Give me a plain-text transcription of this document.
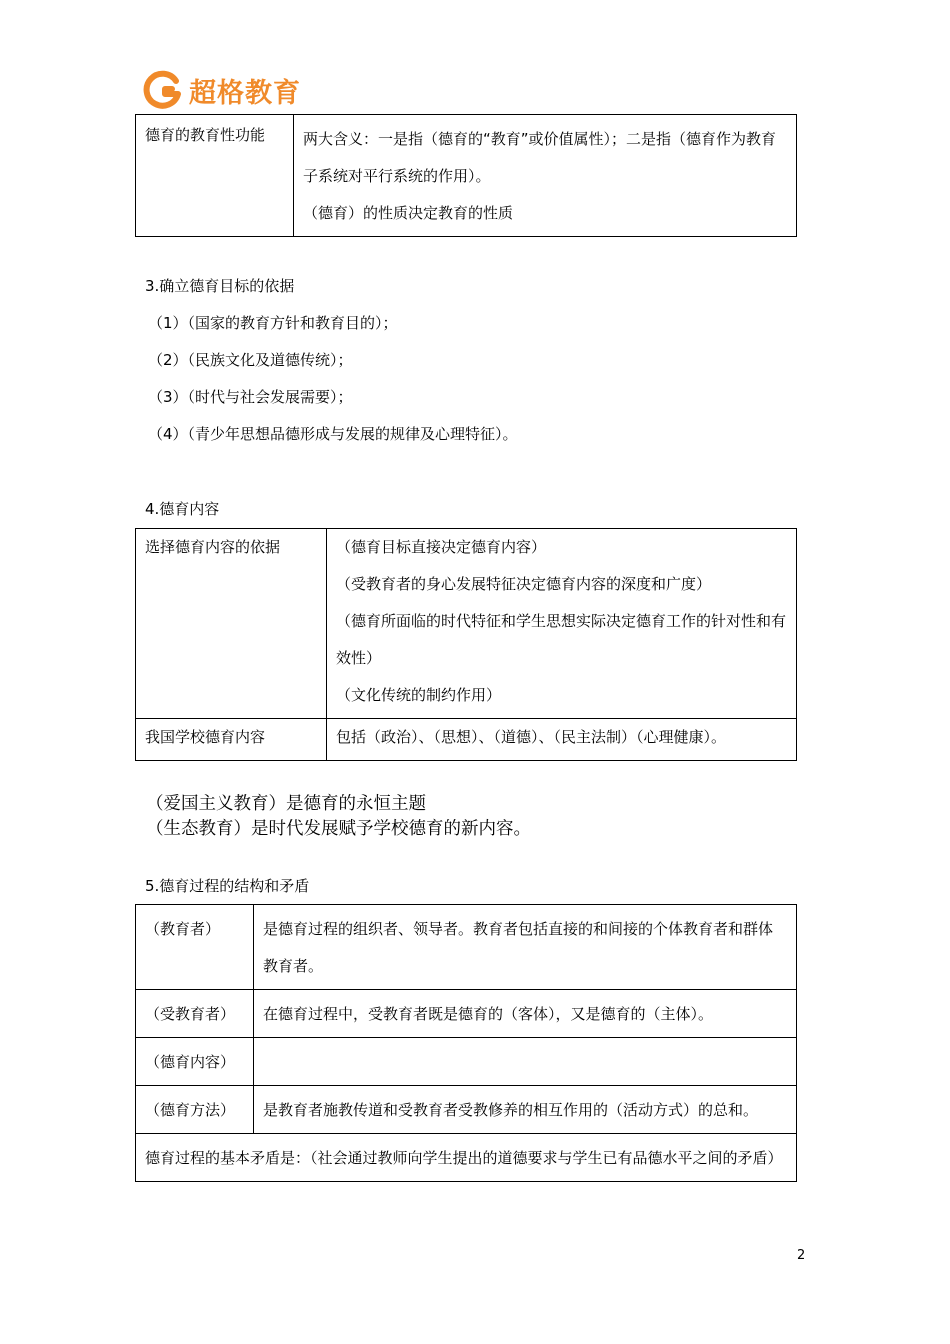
超格教育
德育的教育性功能	两大含义：一是指（德育的“教育”或价值属性）；二是指（德育作为教育子系统对平行系统的作用）。

（德育）的性质决定教育的性质

3.确立德育目标的依据

（1）（国家的教育方针和教育目的）；

（2）（民族文化及道德传统）；

（3）（时代与社会发展需要）；

（4）（青少年思想品德形成与发展的规律及心理特征）。

4.德育内容
选择德育内容的依据	（德育目标直接决定德育内容）

（受教育者的身心发展特征决定德育内容的深度和广度）

（德育所面临的时代特征和学生思想实际决定德育工作的针对性和有效性）

（文化传统的制约作用）

我国学校德育内容	包括（政治）、（思想）、（道德）、（民主法制）（心理健康）。

（爱国主义教育）是德育的永恒主题
（生态教育）是时代发展赋予学校德育的新内容。
5.德育过程的结构和矛盾
（教育者）	是德育过程的组织者、领导者。教育者包括直接的和间接的个体教育者和群体教育者。
（受教育者）	在德育过程中，受教育者既是德育的（客体），又是德育的（主体）。
（德育内容）	
（德育方法）	是教育者施教传道和受教育者受教修养的相互作用的（活动方式）的总和。
德育过程的基本矛盾是：（社会通过教师向学生提出的道德要求与学生已有品德水平之间的矛盾）	
2
